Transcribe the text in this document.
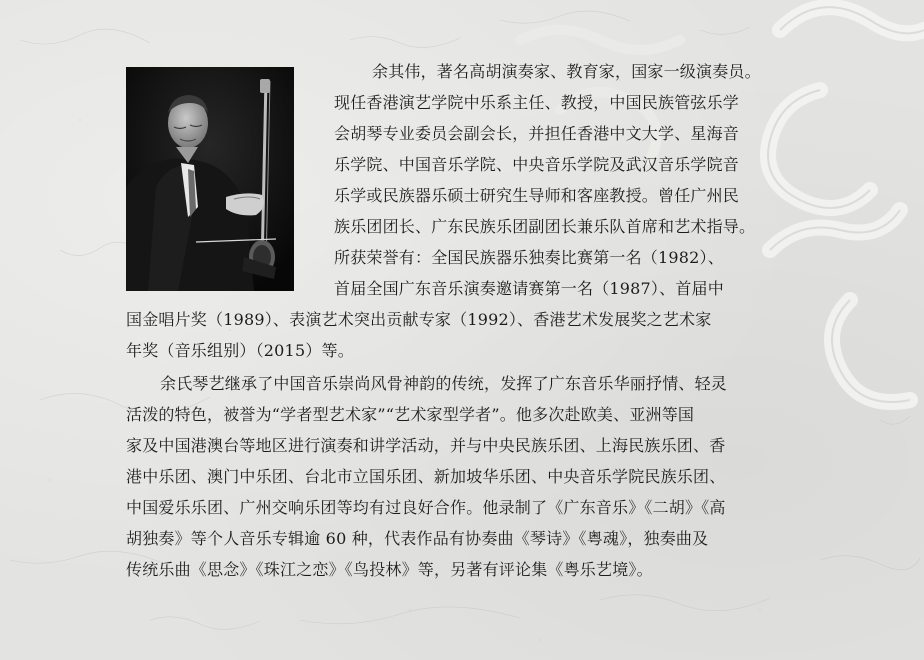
余其伟，著名高胡演奏家、教育家，国家一级演奏员。
现任香港演艺学院中乐系主任、教授，中国民族管弦乐学
会胡琴专业委员会副会长，并担任香港中文大学、星海音
乐学院、中国音乐学院、中央音乐学院及武汉音乐学院音
乐学或民族器乐硕士研究生导师和客座教授。曾任广州民
族乐团团长、广东民族乐团副团长兼乐队首席和艺术指导。
所获荣誉有：全国民族器乐独奏比赛第一名（1982）、
首届全国广东音乐演奏邀请赛第一名（1987）、首届中
国金唱片奖（1989）、表演艺术突出贡献专家（1992）、香港艺术发展奖之艺术家
年奖（音乐组别）（2015）等。
余氏琴艺继承了中国音乐崇尚风骨神韵的传统，发挥了广东音乐华丽抒情、轻灵
活泼的特色，被誉为“学者型艺术家”“艺术家型学者”。他多次赴欧美、亚洲等国
家及中国港澳台等地区进行演奏和讲学活动，并与中央民族乐团、上海民族乐团、香
港中乐团、澳门中乐团、台北市立国乐团、新加坡华乐团、中央音乐学院民族乐团、
中国爱乐乐团、广州交响乐团等均有过良好合作。他录制了《广东音乐》《二胡》《高
胡独奏》等个人音乐专辑逾 60 种，代表作品有协奏曲《琴诗》《粤魂》，独奏曲及
传统乐曲《思念》《珠江之恋》《鸟投林》等，另著有评论集《粤乐艺境》。
